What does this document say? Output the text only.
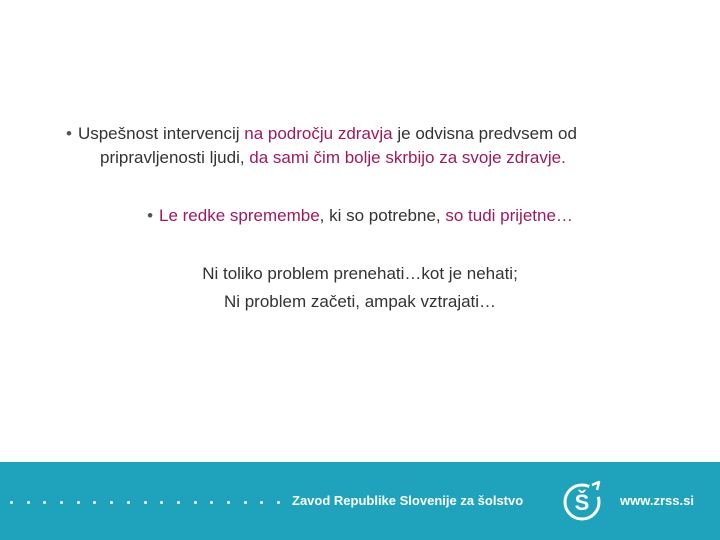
• Uspešnost intervencij na področju zdravja je odvisna predvsem od
pripravljenosti ljudi, da sami čim bolje skrbijo za svoje zdravje.
• Le redke spremembe, ki so potrebne, so tudi prijetne…
Ni toliko problem prenehati…kot je nehati;
Ni problem začeti, ampak vztrajati…
Zavod Republike Slovenije za šolstvo Š www.zrss.si
